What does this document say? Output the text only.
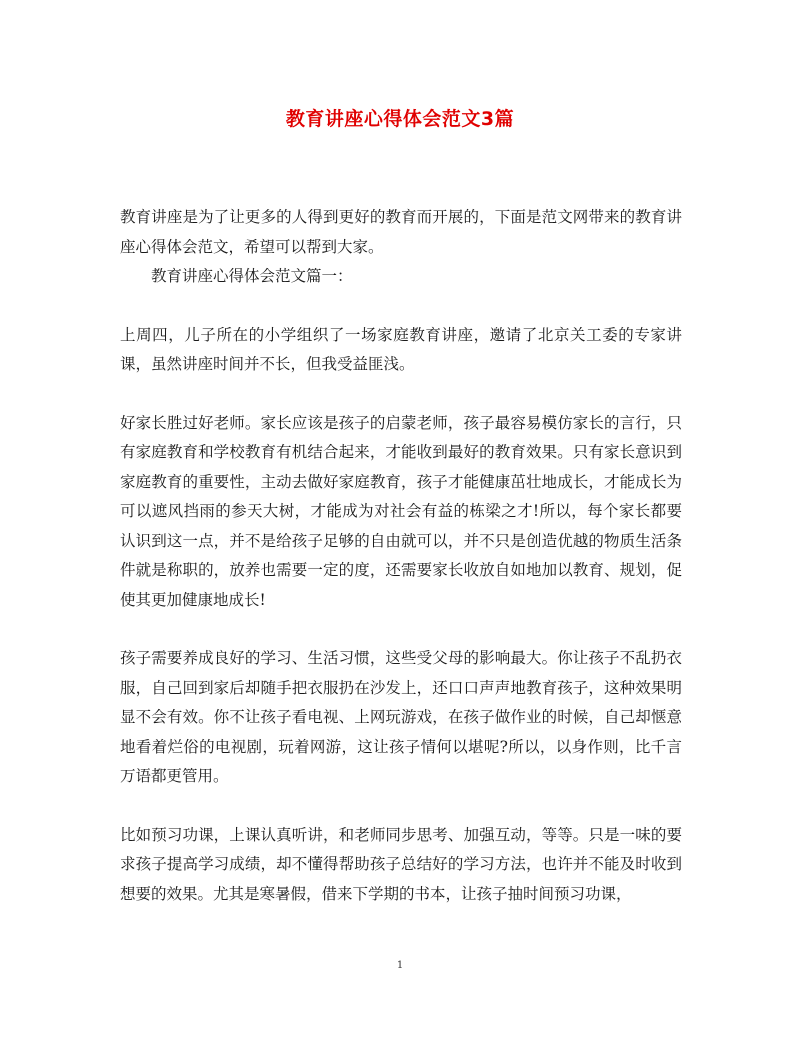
教育讲座心得体会范文3篇

教育讲座是为了让更多的人得到更好的教育而开展的，下面是范文网带来的教育讲座心得体会范文，希望可以帮到大家。

教育讲座心得体会范文篇一：

上周四，儿子所在的小学组织了一场家庭教育讲座，邀请了北京关工委的专家讲课，虽然讲座时间并不长，但我受益匪浅。

好家长胜过好老师。家长应该是孩子的启蒙老师，孩子最容易模仿家长的言行，只有家庭教育和学校教育有机结合起来，才能收到最好的教育效果。只有家长意识到家庭教育的重要性，主动去做好家庭教育，孩子才能健康茁壮地成长，才能成长为可以遮风挡雨的参天大树，才能成为对社会有益的栋梁之才!所以，每个家长都要认识到这一点，并不是给孩子足够的自由就可以，并不只是创造优越的物质生活条件就是称职的，放养也需要一定的度，还需要家长收放自如地加以教育、规划，促使其更加健康地成长!

孩子需要养成良好的学习、生活习惯，这些受父母的影响最大。你让孩子不乱扔衣服，自己回到家后却随手把衣服扔在沙发上，还口口声声地教育孩子，这种效果明显不会有效。你不让孩子看电视、上网玩游戏，在孩子做作业的时候，自己却惬意地看着烂俗的电视剧，玩着网游，这让孩子情何以堪呢?所以，以身作则，比千言万语都更管用。

比如预习功课，上课认真听讲，和老师同步思考、加强互动，等等。只是一味的要求孩子提高学习成绩，却不懂得帮助孩子总结好的学习方法，也许并不能及时收到想要的效果。尤其是寒暑假，借来下学期的书本，让孩子抽时间预习功课，

1
